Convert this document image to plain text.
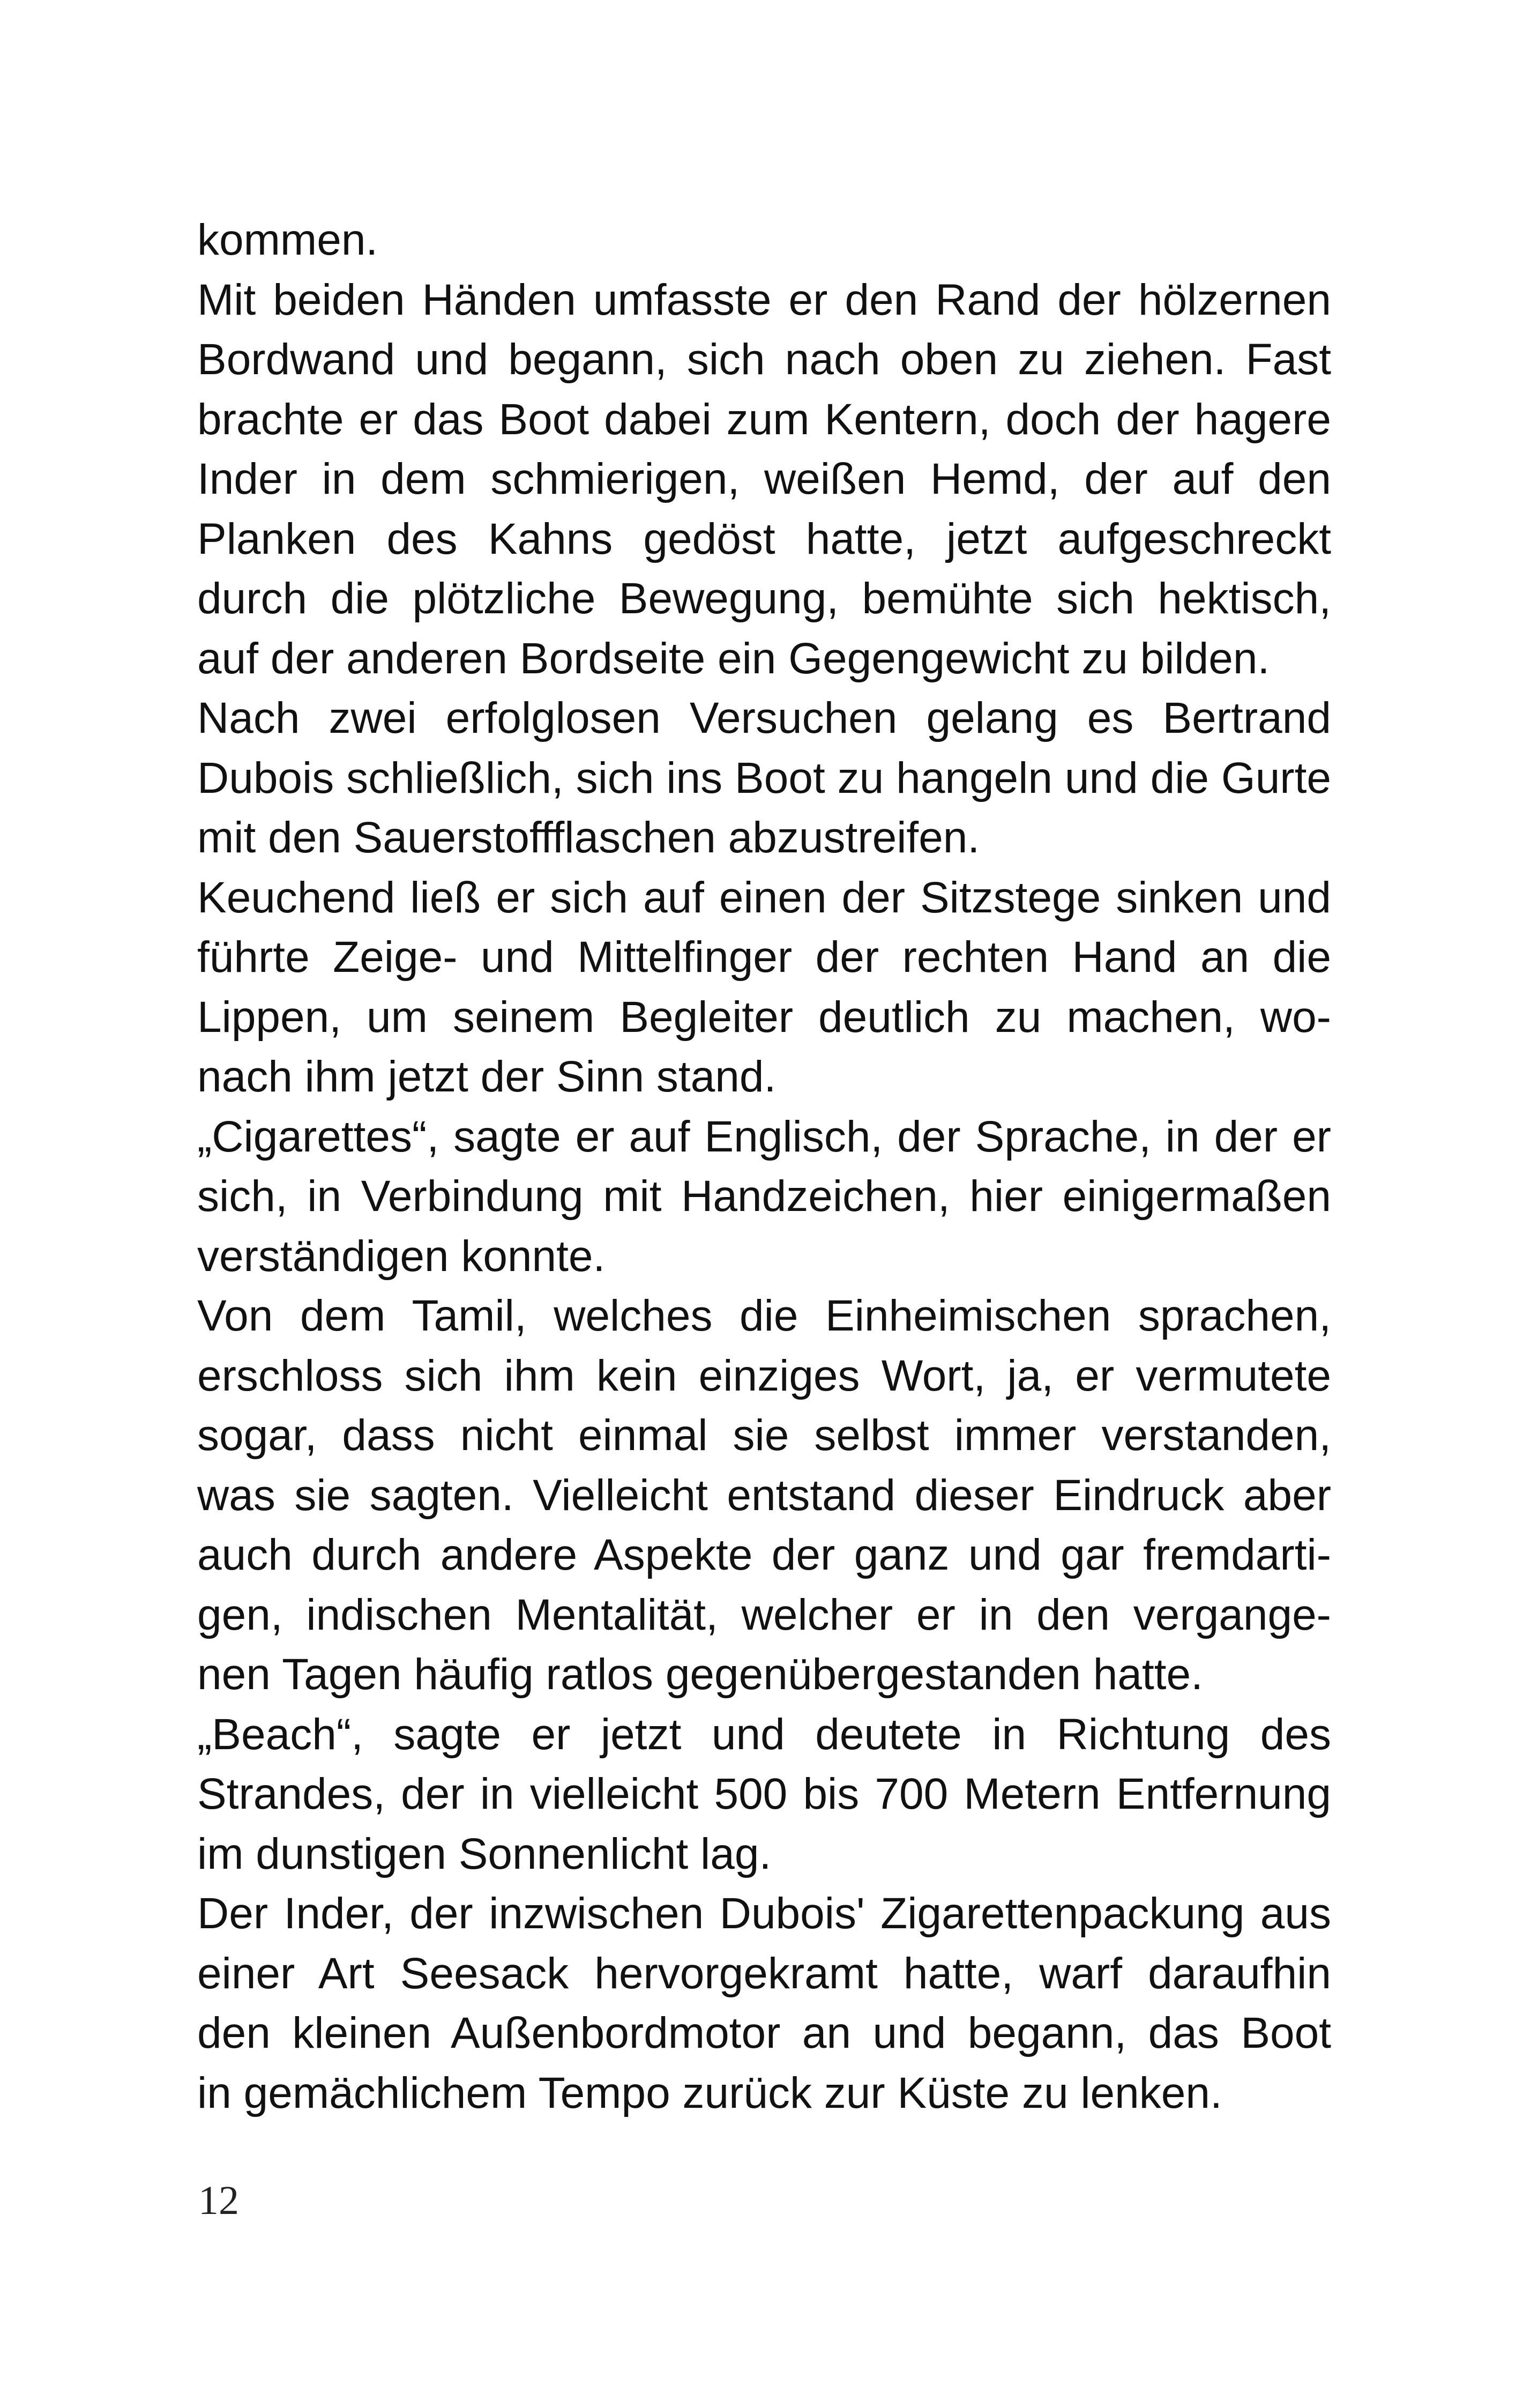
kommen.
Mit beiden Händen umfasste er den Rand der hölzernen
Bordwand und begann, sich nach oben zu ziehen. Fast
brachte er das Boot dabei zum Kentern, doch der hagere
Inder in dem schmierigen, weißen Hemd, der auf den
Planken des Kahns gedöst hatte, jetzt aufgeschreckt
durch die plötzliche Bewegung, bemühte sich hektisch,
auf der anderen Bordseite ein Gegengewicht zu bilden.
Nach zwei erfolglosen Versuchen gelang es Bertrand
Dubois schließlich, sich ins Boot zu hangeln und die Gurte
mit den Sauerstoffflaschen abzustreifen.
Keuchend ließ er sich auf einen der Sitzstege sinken und
führte Zeige- und Mittelfinger der rechten Hand an die
Lippen, um seinem Begleiter deutlich zu machen, wo-
nach ihm jetzt der Sinn stand.
„Cigarettes“, sagte er auf Englisch, der Sprache, in der er
sich, in Verbindung mit Handzeichen, hier einigermaßen
verständigen konnte.
Von dem Tamil, welches die Einheimischen sprachen,
erschloss sich ihm kein einziges Wort, ja, er vermutete
sogar, dass nicht einmal sie selbst immer verstanden,
was sie sagten. Vielleicht entstand dieser Eindruck aber
auch durch andere Aspekte der ganz und gar fremdarti-
gen, indischen Mentalität, welcher er in den vergange-
nen Tagen häufig ratlos gegenübergestanden hatte.
„Beach“, sagte er jetzt und deutete in Richtung des
Strandes, der in vielleicht 500 bis 700 Metern Entfernung
im dunstigen Sonnenlicht lag.
Der Inder, der inzwischen Dubois' Zigarettenpackung aus
einer Art Seesack hervorgekramt hatte, warf daraufhin
den kleinen Außenbordmotor an und begann, das Boot
in gemächlichem Tempo zurück zur Küste zu lenken.
12
